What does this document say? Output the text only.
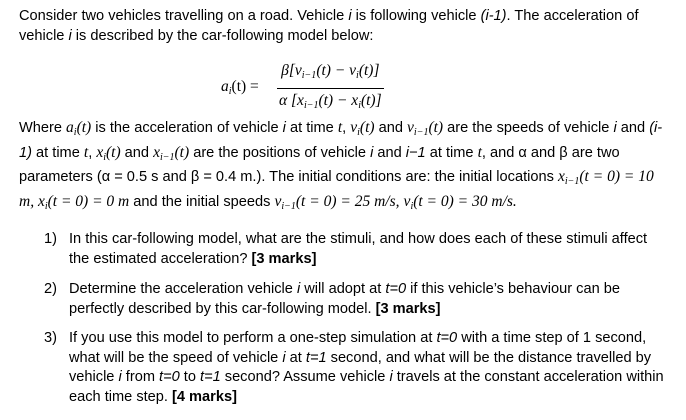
Consider two vehicles travelling on a road. Vehicle i is following vehicle (i-1). The acceleration of vehicle i is described by the car-following model below:

$a_i(t)$ =
$\beta[v_{i-1}(t) - v_i(t)]$
α $[x_{i-1}(t) - x_i(t)]$

Where $a_i(t)$ is the acceleration of vehicle i at time t, $v_i(t)$ and $v_{i-1}(t)$ are the speeds of vehicle i and (i-1) at time t, $x_i(t)$ and $x_{i-1}(t)$ are the positions of vehicle i and i−1 at time t, and α and β are two parameters (α = 0.5 s and β = 0.4 m.). The initial conditions are: the initial locations $x_{i-1}(t = 0) = 10$ m, $x_i(t = 0) = 0$ m and the initial speeds $v_{i-1}(t = 0) = 25$ m/s, $v_i(t = 0) = 30$ m/s.

1) In this car-following model, what are the stimuli, and how does each of these stimuli affect the estimated acceleration? [3 marks]
2) Determine the acceleration vehicle i will adopt at t=0 if this vehicle’s behaviour can be perfectly described by this car-following model. [3 marks]
3) If you use this model to perform a one-step simulation at t=0 with a time step of 1 second, what will be the speed of vehicle i at t=1 second, and what will be the distance travelled by vehicle i from t=0 to t=1 second? Assume vehicle i travels at the constant acceleration within each time step. [4 marks]
